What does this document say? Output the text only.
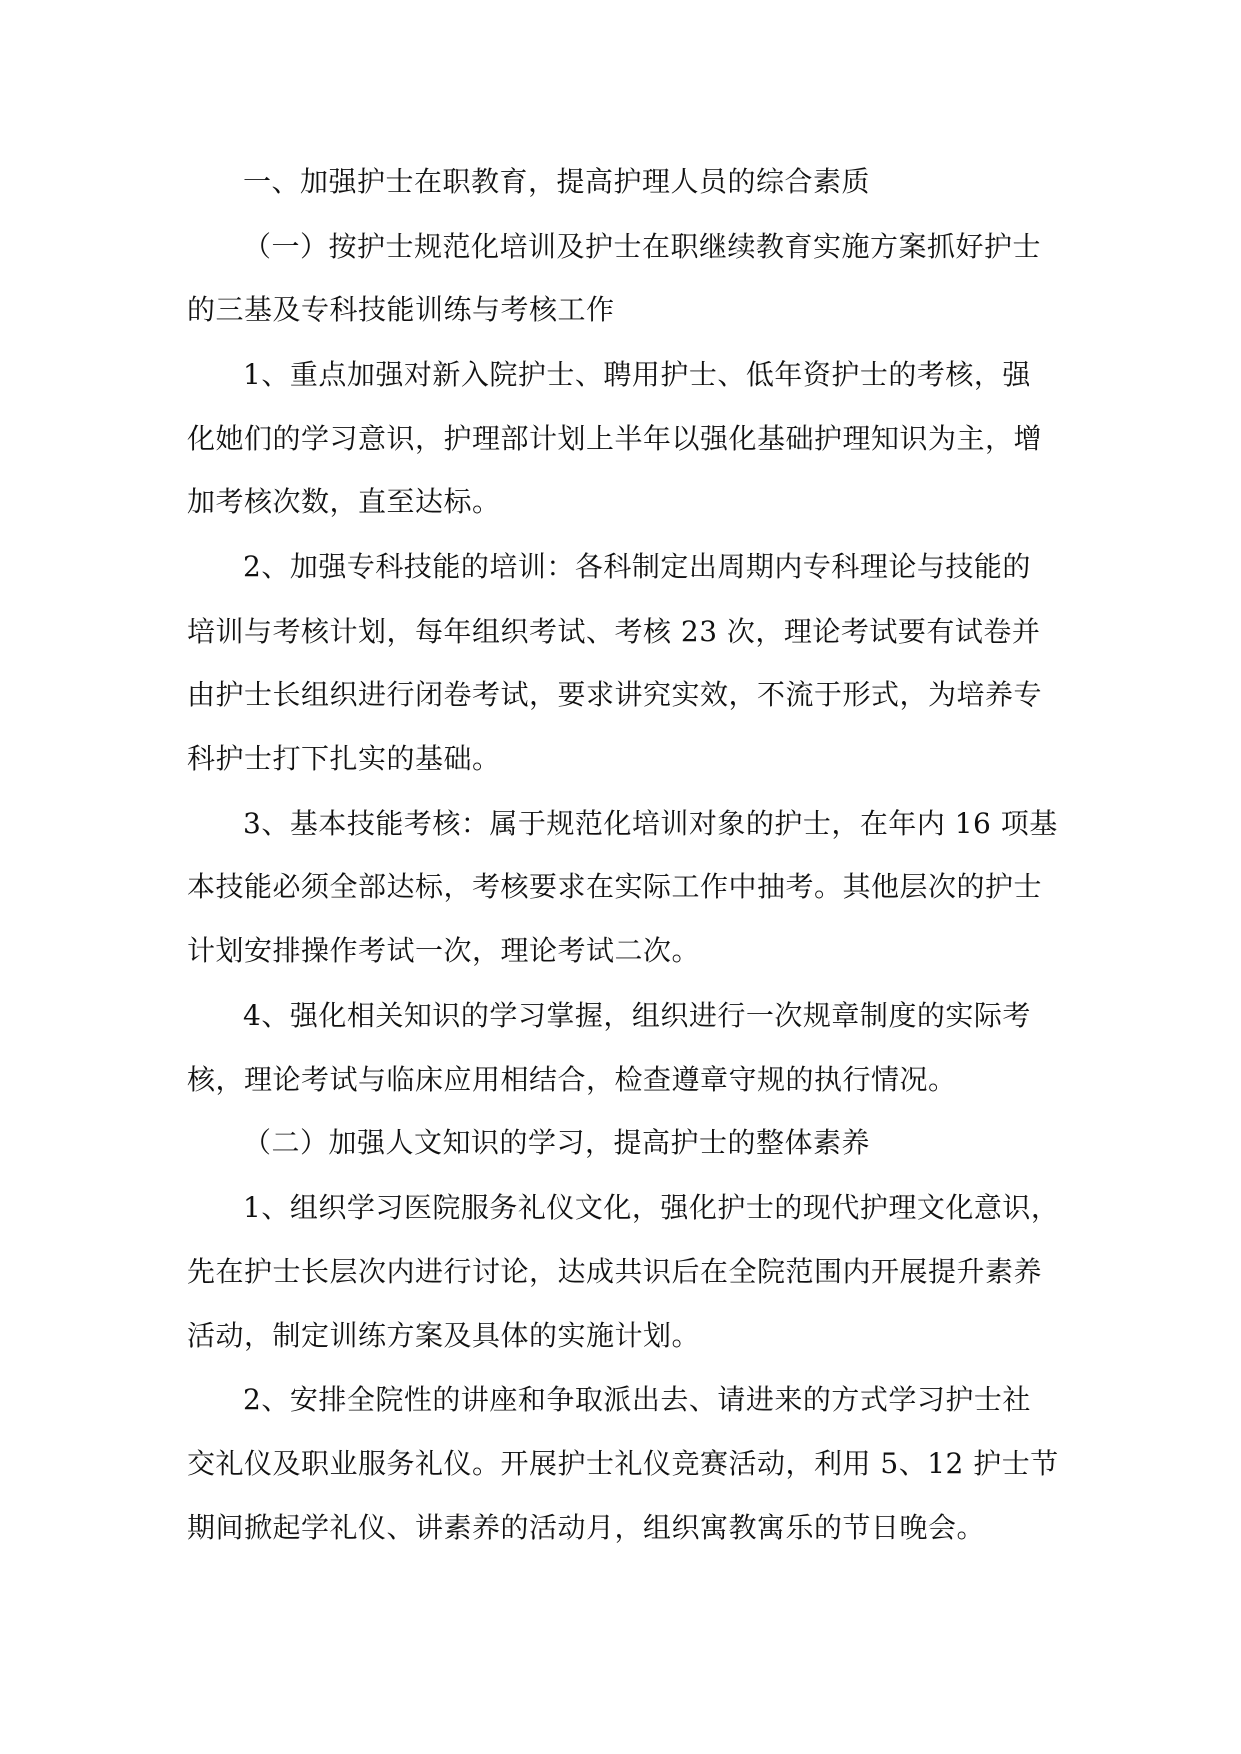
一、加强护士在职教育，提高护理人员的综合素质
（一）按护士规范化培训及护士在职继续教育实施方案抓好护士
的三基及专科技能训练与考核工作
1、重点加强对新入院护士、聘用护士、低年资护士的考核，强
化她们的学习意识，护理部计划上半年以强化基础护理知识为主，增
加考核次数，直至达标。
2、加强专科技能的培训：各科制定出周期内专科理论与技能的
培训与考核计划，每年组织考试、考核 23 次，理论考试要有试卷并
由护士长组织进行闭卷考试，要求讲究实效，不流于形式，为培养专
科护士打下扎实的基础。
3、基本技能考核：属于规范化培训对象的护士，在年内 16 项基
本技能必须全部达标，考核要求在实际工作中抽考。其他层次的护士
计划安排操作考试一次，理论考试二次。
4、强化相关知识的学习掌握，组织进行一次规章制度的实际考
核，理论考试与临床应用相结合，检查遵章守规的执行情况。
（二）加强人文知识的学习，提高护士的整体素养
1、组织学习医院服务礼仪文化，强化护士的现代护理文化意识，
先在护士长层次内进行讨论，达成共识后在全院范围内开展提升素养
活动，制定训练方案及具体的实施计划。
2、安排全院性的讲座和争取派出去、请进来的方式学习护士社
交礼仪及职业服务礼仪。开展护士礼仪竞赛活动，利用 5、12 护士节
期间掀起学礼仪、讲素养的活动月，组织寓教寓乐的节日晚会。
